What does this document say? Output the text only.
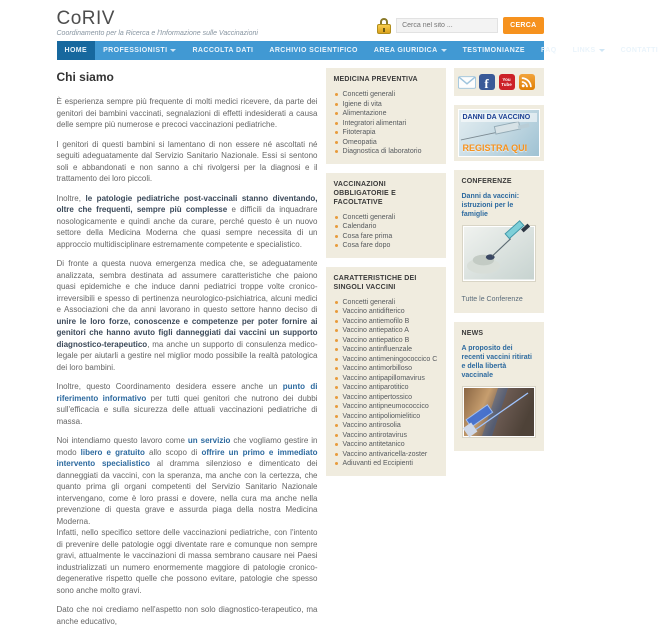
CoRIV
Coordinamento per la Ricerca e l'Informazione sulle Vaccinazioni
Cerca nel sito ...
CERCA
HOME PROFESSIONISTI	RACCOLTA DATI ARCHIVIO SCIENTIFICO AREA GIURIDICA	TESTIMONIANZE FAQ LINKS	CONTATTI
Chi siamo

È esperienza sempre più frequente di molti medici ricevere, da parte dei genitori dei bambini vaccinati, segnalazioni di effetti indesiderati a causa delle sempre più numerose e precoci vaccinazioni pediatriche.

I genitori di questi bambini si lamentano di non essere né ascoltati né seguiti adeguatamente dal Servizio Sanitario Nazionale. Essi si sentono soli e abbandonati e non sanno a chi rivolgersi per la diagnosi e il trattamento dei loro piccoli.

Inoltre, le patologie pediatriche post-vaccinali stanno diventando, oltre che frequenti, sempre più complesse e difficili da inquadrare nosologicamente e quindi anche da curare, perché questo è un nuovo settore della Medicina Moderna che quasi sempre necessita di un approccio multidisciplinare estremamente competente e specialistico.

Di fronte a questa nuova emergenza medica che, se adeguatamente analizzata, sembra destinata ad assumere caratteristiche che paiono quasi epidemiche e che induce danni pediatrici troppe volte cronico-irreversibili e spesso di pertinenza neurologico-psichiatrica, alcuni medici e Associazioni che da anni lavorano in questo settore hanno deciso di unire le loro forze, conoscenze e competenze per poter fornire ai genitori che hanno avuto figli danneggiati dai vaccini un supporto diagnostico-terapeutico, ma anche un supporto di consulenza medico-legale per aiutarli a gestire nel miglior modo possibile la realtà patologica dei loro bambini.

Inoltre, questo Coordinamento desidera essere anche un punto di riferimento informativo per tutti quei genitori che nutrono dei dubbi sull'efficacia e sulla sicurezza delle attuali vaccinazioni pediatriche di massa.

Noi intendiamo questo lavoro come un servizio che vogliamo gestire in modo libero e gratuito allo scopo di offrire un primo e immediato intervento specialistico al dramma silenzioso e dimenticato dei danneggiati da vaccini, con la speranza, ma anche con la certezza, che quanto prima gli organi competenti del Servizio Sanitario Nazionale intervengano, come è loro prassi e dovere, nella cura ma anche nella prevenzione di questa grave e assurda piaga della nostra Medicina Moderna.

Infatti, nello specifico settore delle vaccinazioni pediatriche, con l'intento di prevenire delle patologie oggi diventate rare e comunque non sempre gravi, attualmente le vaccinazioni di massa sembrano causare nei Paesi industrializzati un numero enormemente maggiore di patologie cronico-degenerative rispetto quelle che possono evitare, patologie che spesso sono anche molto gravi.

Dato che noi crediamo nell'aspetto non solo diagnostico-terapeutico, ma anche educativo,

MEDICINA PREVENTIVA
Concetti generali
Igiene di vita
Alimentazione
Integratori alimentari
Fitoterapia
Omeopatia
Diagnostica di laboratorio
VACCINAZIONI OBBLIGATORIE E FACOLTATIVE
Concetti generali
Calendario
Cosa fare prima
Cosa fare dopo
CARATTERISTICHE DEI SINGOLI VACCINI
Concetti generali
Vaccino antidifterico
Vaccino antiemofilo B
Vaccino antiepatico A
Vaccino antiepatico B
Vaccino antinfluenzale
Vaccino antimeningococcico C
Vaccino antimorbilloso
Vaccino antipapillomavirus
Vaccino antiparotitico
Vaccino antipertossico
Vaccino antipneumococcico
Vaccino antipoliomielitico
Vaccino antirosolia
Vaccino antirotavirus
Vaccino antitetanico
Vaccino antivaricella-zoster
Adiuvanti ed Eccipienti
f	You
Tube
DANNI DA VACCINO
REGISTRA QUI
CONFERENZE
Danni da vaccini: istruzioni per le famiglie
Tutte le Conferenze
NEWS
A proposito dei recenti vaccini ritirati e della libertà vaccinale
